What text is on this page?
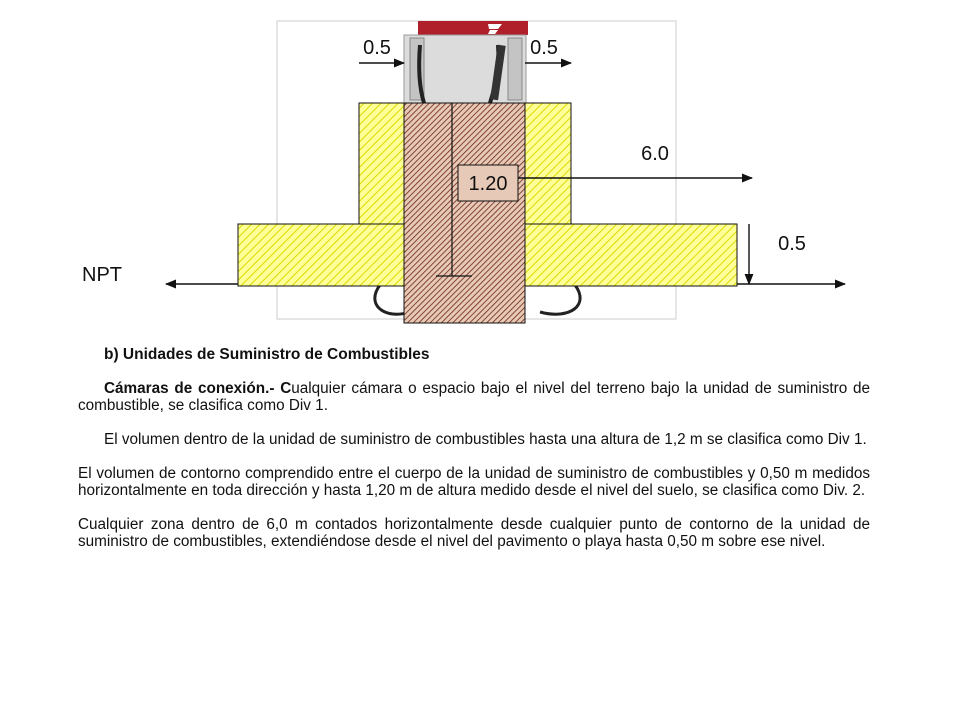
1.20
0.5	0.5
6.0
0.5
NPT
b) Unidades de Suministro de Combustibles
Cámaras de conexión.- Cualquier cámara o espacio bajo el nivel del terreno bajo la unidad de suministro de combustible, se clasifica como Div 1.
El volumen dentro de la unidad de suministro de combustibles hasta una altura de 1,2 m se clasifica como Div 1.
El volumen de contorno comprendido entre el cuerpo de la unidad de suministro de combustibles y 0,50 m medidos horizontalmente en toda dirección y hasta 1,20 m de altura medido desde el nivel del suelo, se clasifica como Div. 2.
Cualquier zona dentro de 6,0 m contados horizontalmente desde cualquier punto de contorno de la unidad de suministro de combustibles, extendiéndose desde el nivel del pavimento o playa hasta 0,50 m sobre ese nivel.
